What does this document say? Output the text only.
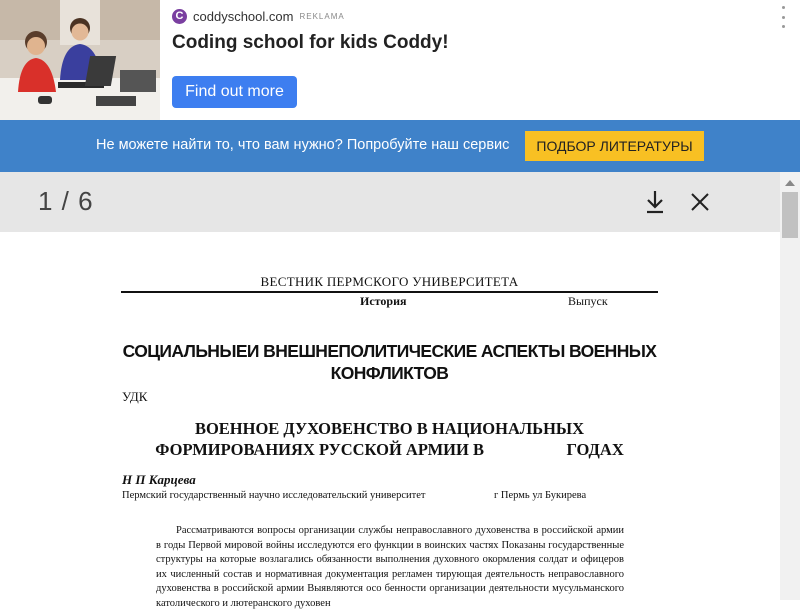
C coddyschool.com REKLAMA
Coding school for kids Coddy!
Find out more
Не можете найти то, что вам нужно? Попробуйте наш сервис	ПОДБОР ЛИТЕРАТУРЫ
1 / 6
ВЕСТНИК ПЕРМСКОГО УНИВЕРСИТЕТА
История	Выпуск
СОЦИАЛЬНЫЕИ ВНЕШНЕПОЛИТИЧЕСКИЕ АСПЕКТЫ ВОЕННЫХ КОНФЛИКТОВ
УДК
ВОЕННОЕ ДУХОВЕНСТВО В НАЦИОНАЛЬНЫХ ФОРМИРОВАНИЯХ РУССКОЙ АРМИИ В                    ГОДАХ
Н П Карцева
Пермский государственный научно исследовательский университет	г Пермь ул Букирева
Рассматриваются вопросы организации службы неправославного духовенства в российской армии в годы Первой мировой войны исследуются его функции в воинских частях Показаны государственные структуры на которые возлагались обязанности выполнения духовного окормления солдат и офицеров их численный состав и нормативная документация регламен тирующая деятельность неправославного духовенства в российской армии Выявляются осо бенности организации деятельности мусульманского католического и лютеранского духовен
